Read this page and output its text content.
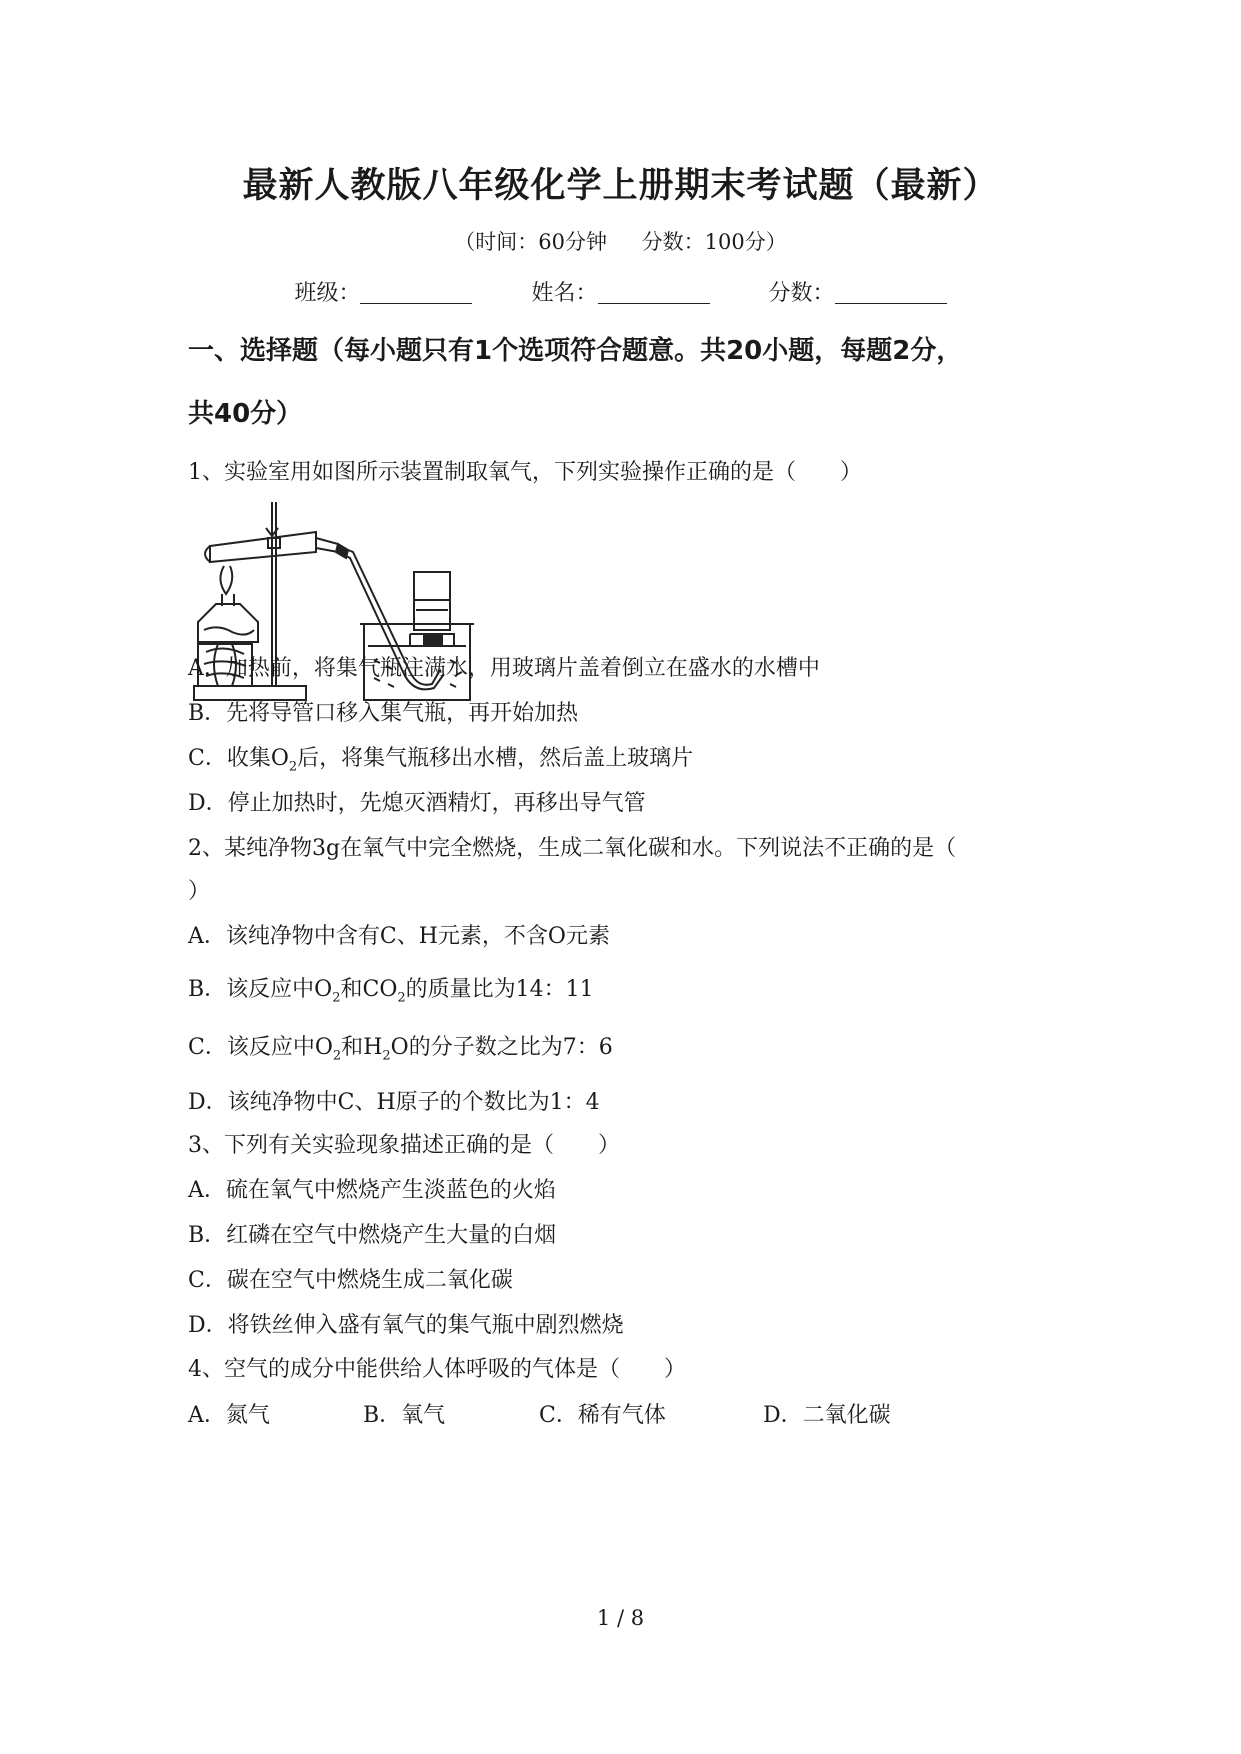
最新人教版八年级化学上册期末考试题（最新）
（时间：60分钟 分数：100分）
班级：	姓名：	分数：
一、选择题（每小题只有1个选项符合题意。共20小题，每题2分，
共40分）
1、实验室用如图所示装置制取氧气，下列实验操作正确的是（　　）
A．加热前，将集气瓶注满水，用玻璃片盖着倒立在盛水的水槽中
B．先将导管口移入集气瓶，再开始加热
C．收集$O_2$后，将集气瓶移出水槽，然后盖上玻璃片
D．停止加热时，先熄灭酒精灯，再移出导气管
2、某纯净物3g在氧气中完全燃烧，生成二氧化碳和水。下列说法不正确的是（
）
A．该纯净物中含有C、H元素，不含O元素
B．该反应中$O_2$和$CO_2$的质量比为14：11
C．该反应中$O_2$和$H_2O$的分子数之比为7：6
D．该纯净物中C、H原子的个数比为1：4
3、下列有关实验现象描述正确的是（　　）
A．硫在氧气中燃烧产生淡蓝色的火焰
B．红磷在空气中燃烧产生大量的白烟
C．碳在空气中燃烧生成二氧化碳
D．将铁丝伸入盛有氧气的集气瓶中剧烈燃烧
4、空气的成分中能供给人体呼吸的气体是（　　）
A．氮气	B．氧气	C．稀有气体	D．二氧化碳
1 / 8
